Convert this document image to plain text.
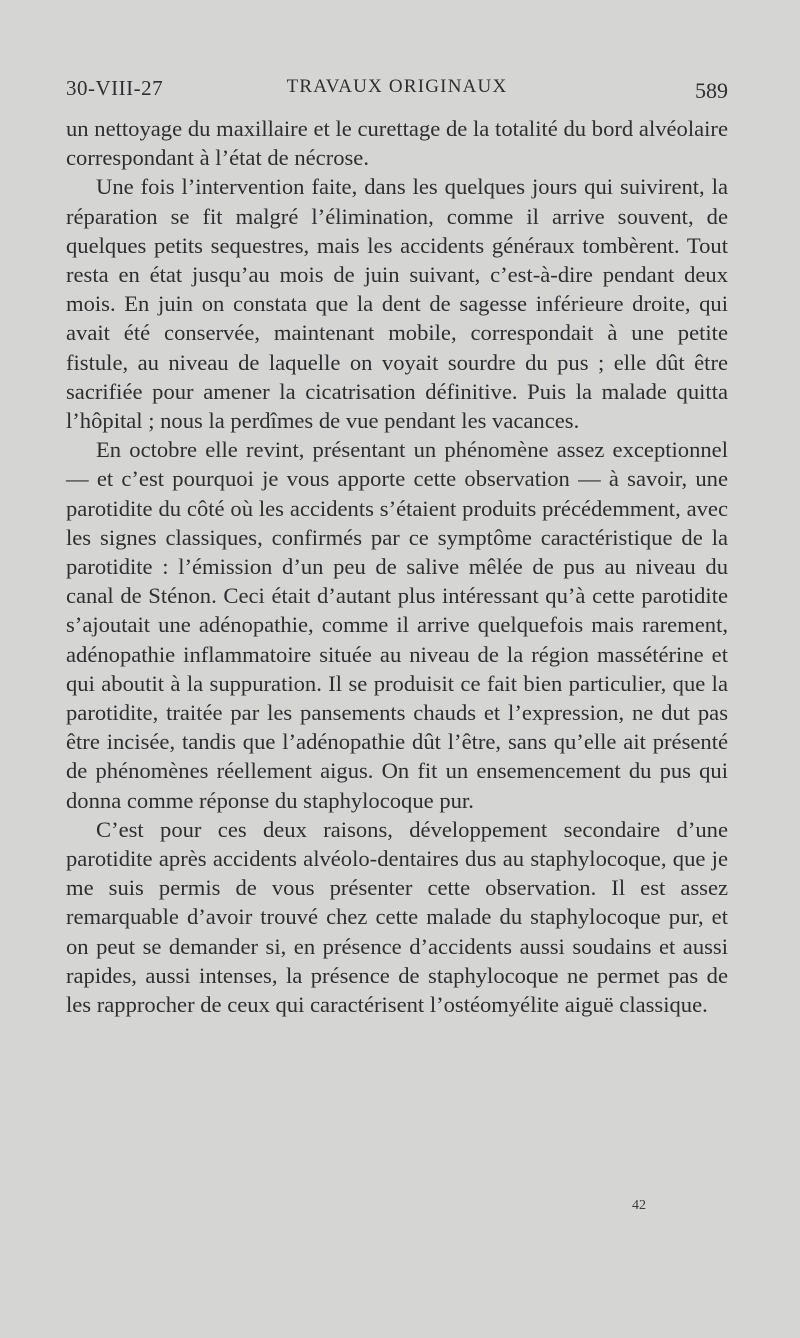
30-VIII-27	TRAVAUX ORIGINAUX	589

un nettoyage du maxillaire et le curettage de la totalité du bord alvéolaire correspondant à l’état de nécrose.

Une fois l’intervention faite, dans les quelques jours qui suivirent, la réparation se fit malgré l’élimination, comme il arrive souvent, de quelques petits sequestres, mais les accidents généraux tombèrent. Tout resta en état jusqu’au mois de juin suivant, c’est-à-dire pendant deux mois. En juin on constata que la dent de sagesse inférieure droite, qui avait été conservée, maintenant mobile, correspondait à une petite fistule, au niveau de laquelle on voyait sourdre du pus ; elle dût être sacrifiée pour amener la cicatrisation définitive. Puis la malade quitta l’hôpital ; nous la perdîmes de vue pendant les vacances.

En octobre elle revint, présentant un phénomène assez exceptionnel — et c’est pourquoi je vous apporte cette observation — à savoir, une parotidite du côté où les accidents s’étaient produits précédemment, avec les signes classiques, confirmés par ce symptôme caractéristique de la parotidite : l’émission d’un peu de salive mêlée de pus au niveau du canal de Sténon. Ceci était d’autant plus intéressant qu’à cette parotidite s’ajoutait une adénopathie, comme il arrive quelquefois mais rarement, adénopathie inflammatoire située au niveau de la région massétérine et qui aboutit à la suppuration. Il se produisit ce fait bien particulier, que la parotidite, traitée par les pansements chauds et l’expression, ne dut pas être incisée, tandis que l’adénopathie dût l’être, sans qu’elle ait présenté de phénomènes réellement aigus. On fit un ensemencement du pus qui donna comme réponse du staphylocoque pur.

C’est pour ces deux raisons, développement secondaire d’une parotidite après accidents alvéolo-dentaires dus au staphylocoque, que je me suis permis de vous présenter cette observation. Il est assez remarquable d’avoir trouvé chez cette malade du staphylocoque pur, et on peut se demander si, en présence d’accidents aussi soudains et aussi rapides, aussi intenses, la présence de staphylocoque ne permet pas de les rapprocher de ceux qui caractérisent l’ostéomyélite aiguë classique.

42
